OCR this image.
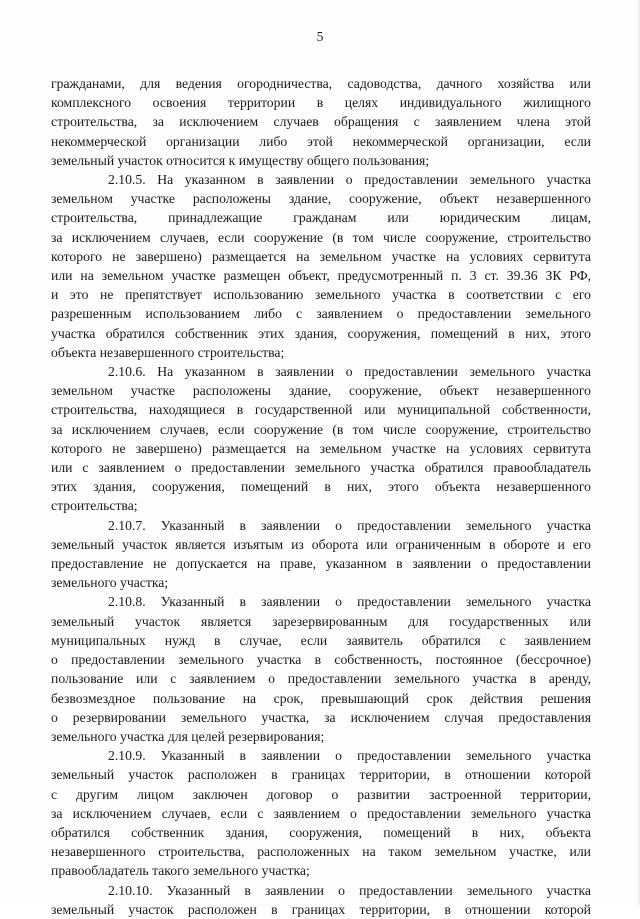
5
гражданами, для ведения огородничества, садоводства, дачного хозяйства или
комплексного освоения территории в целях индивидуального жилищного
строительства, за исключением случаев обращения с заявлением члена этой
некоммерческой организации либо этой некоммерческой организации, если
земельный участок относится к имуществу общего пользования;
2.10.5. На указанном в заявлении о предоставлении земельного участка
земельном участке расположены здание, сооружение, объект незавершенного
строительства, принадлежащие гражданам или юридическим лицам,
за исключением случаев, если сооружение (в том числе сооружение, строительство
которого не завершено) размещается на земельном участке на условиях сервитута
или на земельном участке размещен объект, предусмотренный п. 3 ст. 39.36 ЗК РФ,
и это не препятствует использованию земельного участка в соответствии с его
разрешенным использованием либо с заявлением о предоставлении земельного
участка обратился собственник этих здания, сооружения, помещений в них, этого
объекта незавершенного строительства;
2.10.6. На указанном в заявлении о предоставлении земельного участка
земельном участке расположены здание, сооружение, объект незавершенного
строительства, находящиеся в государственной или муниципальной собственности,
за исключением случаев, если сооружение (в том числе сооружение, строительство
которого не завершено) размещается на земельном участке на условиях сервитута
или с заявлением о предоставлении земельного участка обратился правообладатель
этих здания, сооружения, помещений в них, этого объекта незавершенного
строительства;
2.10.7. Указанный в заявлении о предоставлении земельного участка
земельный участок является изъятым из оборота или ограниченным в обороте и его
предоставление не допускается на праве, указанном в заявлении о предоставлении
земельного участка;
2.10.8. Указанный в заявлении о предоставлении земельного участка
земельный участок является зарезервированным для государственных или
муниципальных нужд в случае, если заявитель обратился с заявлением
о предоставлении земельного участка в собственность, постоянное (бессрочное)
пользование или с заявлением о предоставлении земельного участка в аренду,
безвозмездное пользование на срок, превышающий срок действия решения
о резервировании земельного участка, за исключением случая предоставления
земельного участка для целей резервирования;
2.10.9. Указанный в заявлении о предоставлении земельного участка
земельный участок расположен в границах территории, в отношении которой
с другим лицом заключен договор о развитии застроенной территории,
за исключением случаев, если с заявлением о предоставлении земельного участка
обратился собственник здания, сооружения, помещений в них, объекта
незавершенного строительства, расположенных на таком земельном участке, или
правообладатель такого земельного участка;
2.10.10. Указанный в заявлении о предоставлении земельного участка
земельный участок расположен в границах территории, в отношении которой
